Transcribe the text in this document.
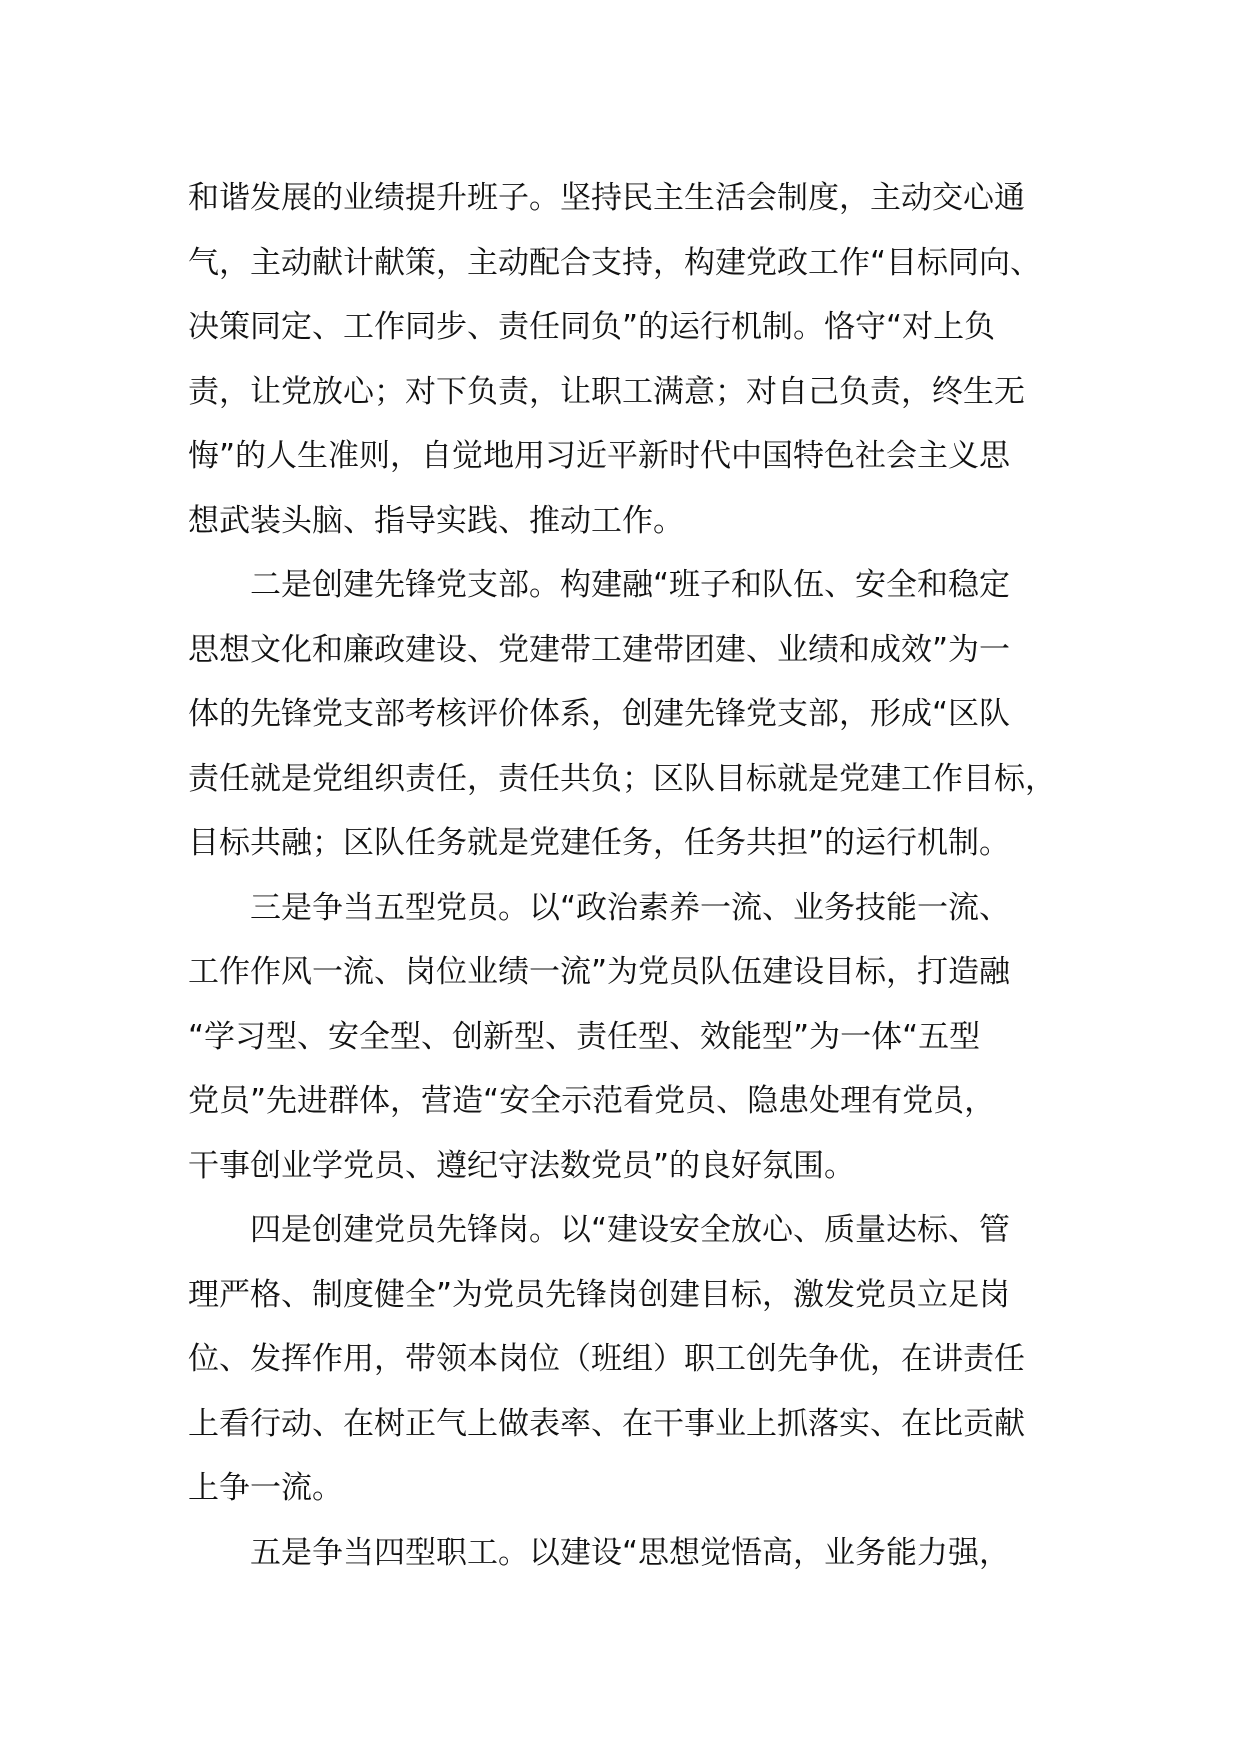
和谐发展的业绩提升班子。坚持民主生活会制度，主动交心通
气，主动献计献策，主动配合支持，构建党政工作“目标同向、
决策同定、工作同步、责任同负”的运行机制。恪守“对上负
责，让党放心；对下负责，让职工满意；对自己负责，终生无
悔”的人生准则，自觉地用习近平新时代中国特色社会主义思
想武装头脑、指导实践、推动工作。

二是创建先锋党支部。构建融“班子和队伍、安全和稳定
思想文化和廉政建设、党建带工建带团建、业绩和成效”为一
体的先锋党支部考核评价体系，创建先锋党支部，形成“区队
责任就是党组织责任，责任共负；区队目标就是党建工作目标，
目标共融；区队任务就是党建任务，任务共担”的运行机制。

三是争当五型党员。以“政治素养一流、业务技能一流、
工作作风一流、岗位业绩一流”为党员队伍建设目标，打造融
“学习型、安全型、创新型、责任型、效能型”为一体“五型
党员”先进群体，营造“安全示范看党员、隐患处理有党员，
干事创业学党员、遵纪守法数党员”的良好氛围。

四是创建党员先锋岗。以“建设安全放心、质量达标、管
理严格、制度健全”为党员先锋岗创建目标，激发党员立足岗
位、发挥作用，带领本岗位（班组）职工创先争优，在讲责任
上看行动、在树正气上做表率、在干事业上抓落实、在比贡献
上争一流。

五是争当四型职工。以建设“思想觉悟高，业务能力强，
